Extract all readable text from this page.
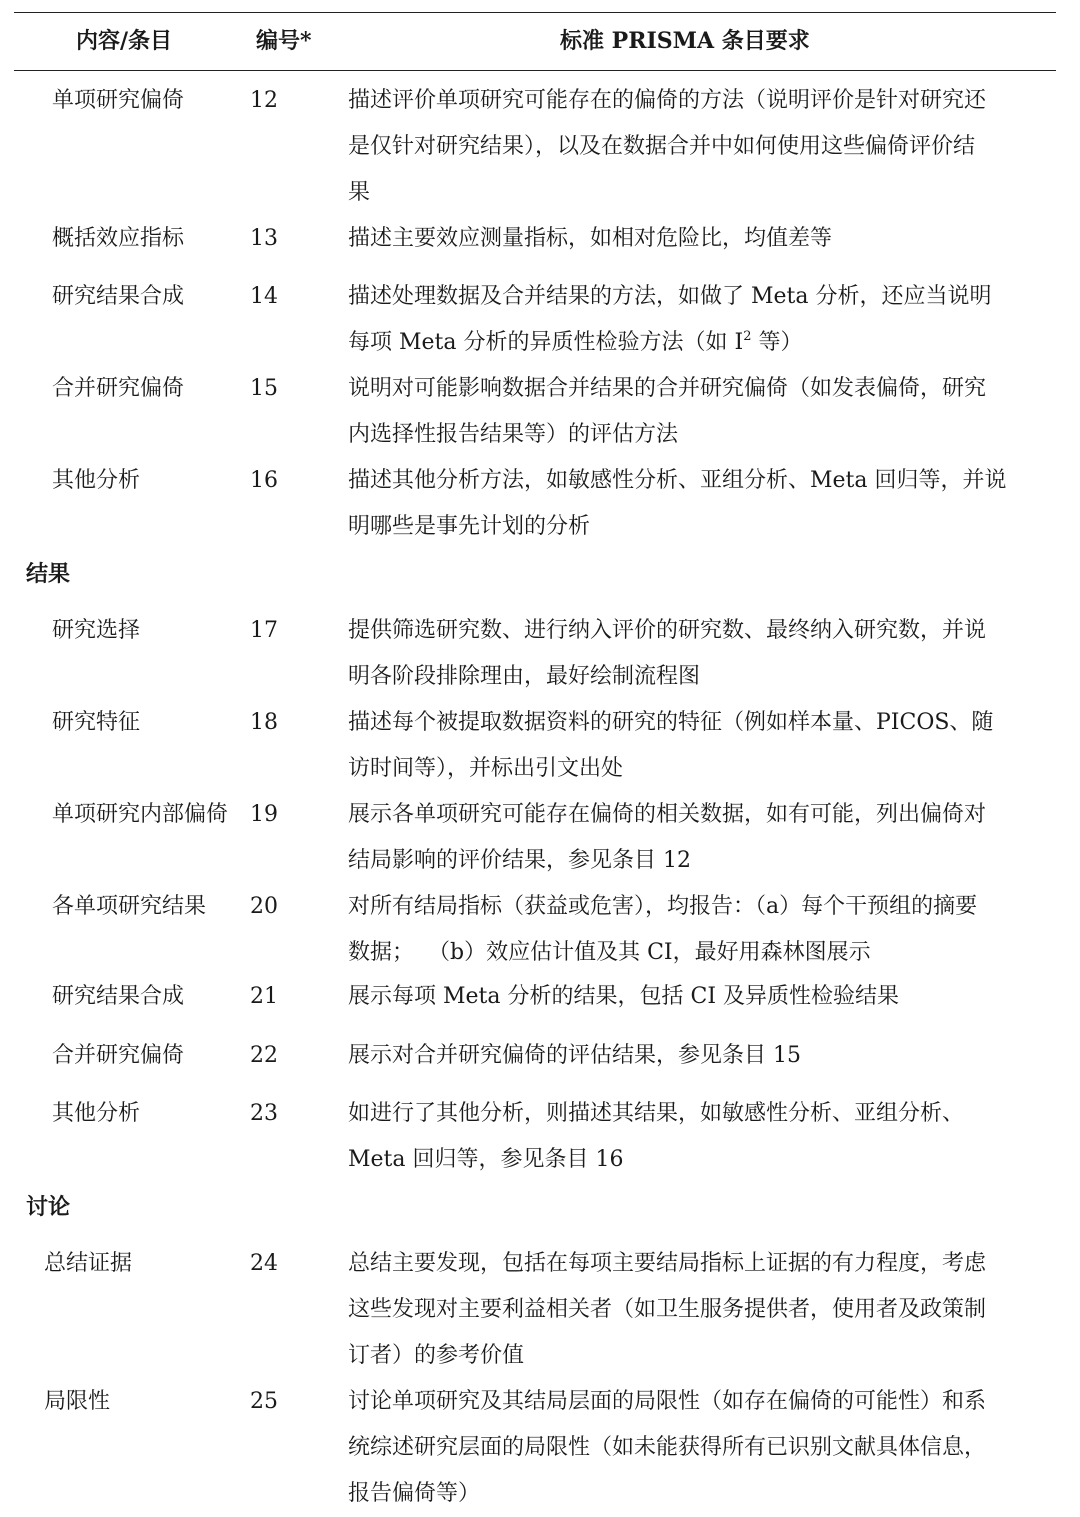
内容/条目	编号*	标准 PRISMA 条目要求
单项研究偏倚	12	描述评价单项研究可能存在的偏倚的方法（说明评价是针对研究还
是仅针对研究结果），以及在数据合并中如何使用这些偏倚评价结
果
概括效应指标	13	描述主要效应测量指标，如相对危险比，均值差等
研究结果合成	14	描述处理数据及合并结果的方法，如做了 Meta 分析，还应当说明
每项 Meta 分析的异质性检验方法（如 $I^2$ 等）
合并研究偏倚	15	说明对可能影响数据合并结果的合并研究偏倚（如发表偏倚，研究
内选择性报告结果等）的评估方法
其他分析	16	描述其他分析方法，如敏感性分析、亚组分析、Meta 回归等，并说
明哪些是事先计划的分析
结果
研究选择	17	提供筛选研究数、进行纳入评价的研究数、最终纳入研究数，并说
明各阶段排除理由，最好绘制流程图
研究特征	18	描述每个被提取数据资料的研究的特征（例如样本量、PICOS、随
访时间等），并标出引文出处
单项研究内部偏倚 19	展示各单项研究可能存在偏倚的相关数据，如有可能，列出偏倚对
结局影响的评价结果，参见条目 12
各单项研究结果 20	对所有结局指标（获益或危害），均报告：（a）每个干预组的摘要
数据；  （b）效应估计值及其 CI，最好用森林图展示
研究结果合成	21	展示每项 Meta 分析的结果，包括 CI 及异质性检验结果
合并研究偏倚	22	展示对合并研究偏倚的评估结果，参见条目 15
其他分析	23	如进行了其他分析，则描述其结果，如敏感性分析、亚组分析、
Meta 回归等，参见条目 16
讨论
总结证据	24	总结主要发现，包括在每项主要结局指标上证据的有力程度，考虑
这些发现对主要利益相关者（如卫生服务提供者，使用者及政策制
订者）的参考价值
局限性	25	讨论单项研究及其结局层面的局限性（如存在偏倚的可能性）和系
统综述研究层面的局限性（如未能获得所有已识别文献具体信息，
报告偏倚等）
